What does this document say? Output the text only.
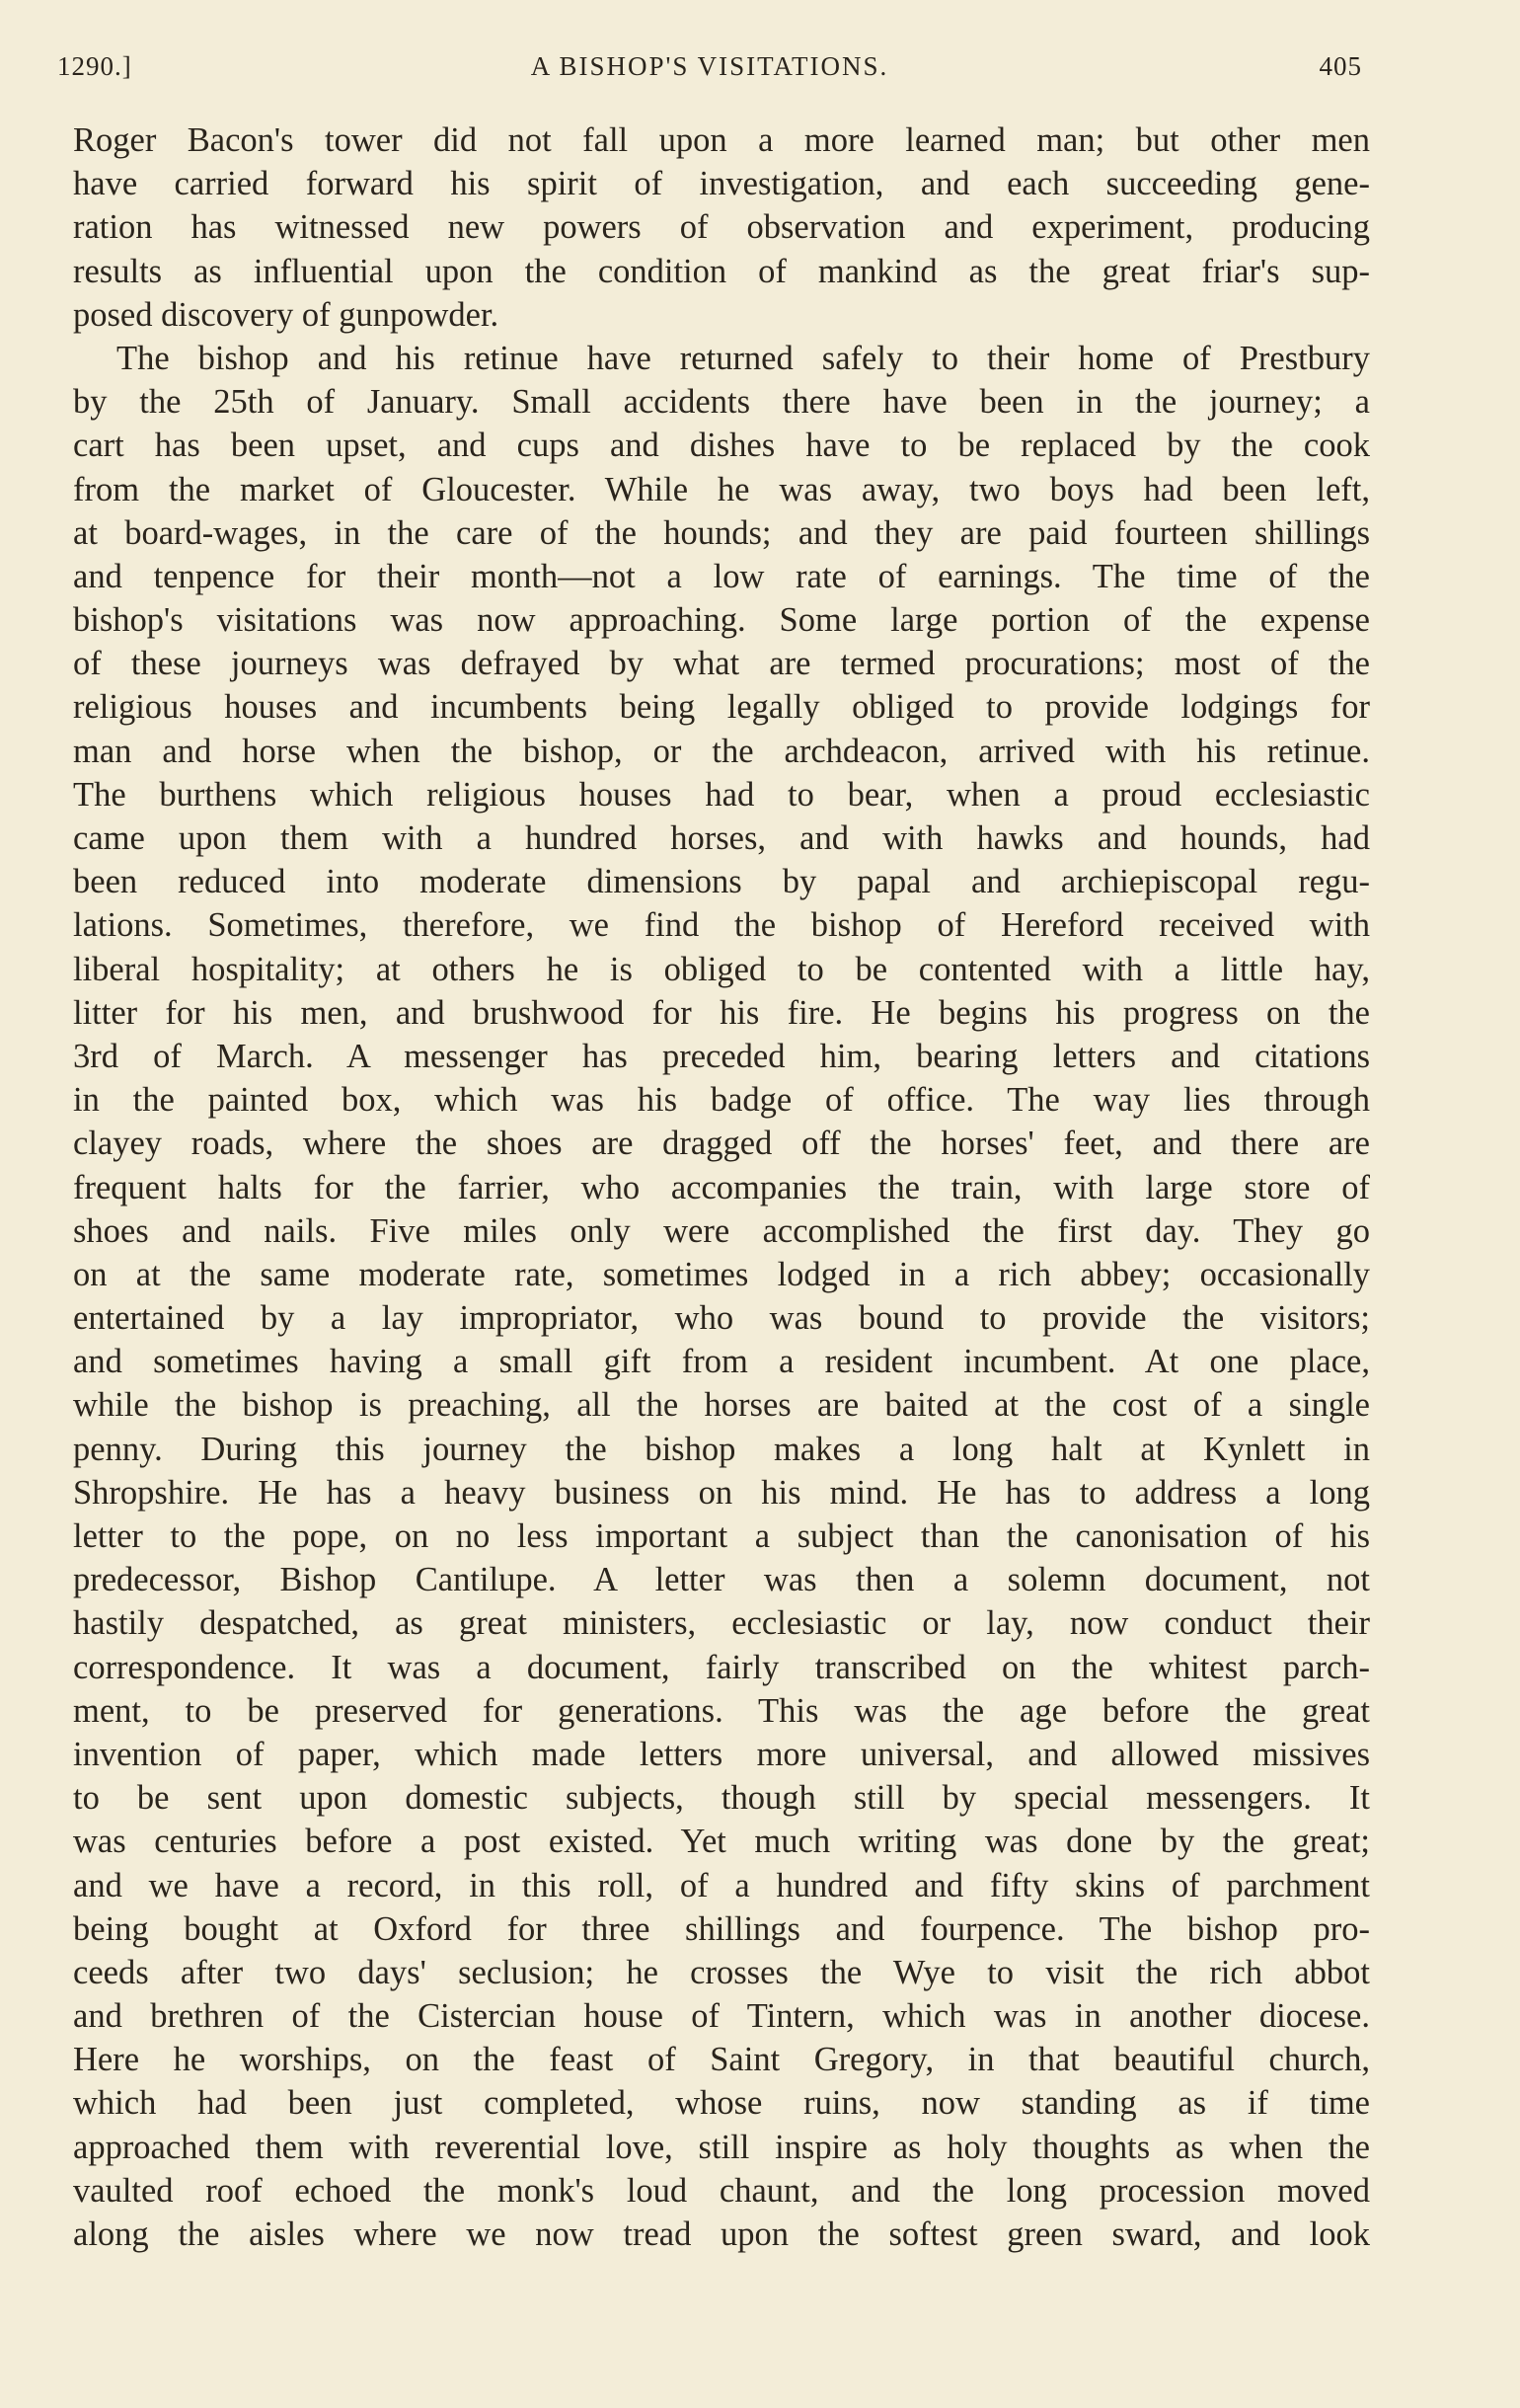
1290.]	A BISHOP'S VISITATIONS.	405
Roger Bacon's tower did not fall upon a more learned man; but other men
have carried forward his spirit of investigation, and each succeeding gene-
ration has witnessed new powers of observation and experiment, producing
results as influential upon the condition of mankind as the great friar's sup-
posed discovery of gunpowder.
The bishop and his retinue have returned safely to their home of Prestbury
by the 25th of January. Small accidents there have been in the journey; a
cart has been upset, and cups and dishes have to be replaced by the cook
from the market of Gloucester. While he was away, two boys had been left,
at board-wages, in the care of the hounds; and they are paid fourteen shillings
and tenpence for their month—not a low rate of earnings. The time of the
bishop's visitations was now approaching. Some large portion of the expense
of these journeys was defrayed by what are termed procurations; most of the
religious houses and incumbents being legally obliged to provide lodgings for
man and horse when the bishop, or the archdeacon, arrived with his retinue.
The burthens which religious houses had to bear, when a proud ecclesiastic
came upon them with a hundred horses, and with hawks and hounds, had
been reduced into moderate dimensions by papal and archiepiscopal regu-
lations. Sometimes, therefore, we find the bishop of Hereford received with
liberal hospitality; at others he is obliged to be contented with a little hay,
litter for his men, and brushwood for his fire. He begins his progress on the
3rd of March. A messenger has preceded him, bearing letters and citations
in the painted box, which was his badge of office. The way lies through
clayey roads, where the shoes are dragged off the horses' feet, and there are
frequent halts for the farrier, who accompanies the train, with large store of
shoes and nails. Five miles only were accomplished the first day. They go
on at the same moderate rate, sometimes lodged in a rich abbey; occasionally
entertained by a lay impropriator, who was bound to provide the visitors;
and sometimes having a small gift from a resident incumbent. At one place,
while the bishop is preaching, all the horses are baited at the cost of a single
penny. During this journey the bishop makes a long halt at Kynlett in
Shropshire. He has a heavy business on his mind. He has to address a long
letter to the pope, on no less important a subject than the canonisation of his
predecessor, Bishop Cantilupe. A letter was then a solemn document, not
hastily despatched, as great ministers, ecclesiastic or lay, now conduct their
correspondence. It was a document, fairly transcribed on the whitest parch-
ment, to be preserved for generations. This was the age before the great
invention of paper, which made letters more universal, and allowed missives
to be sent upon domestic subjects, though still by special messengers. It
was centuries before a post existed. Yet much writing was done by the great;
and we have a record, in this roll, of a hundred and fifty skins of parchment
being bought at Oxford for three shillings and fourpence. The bishop pro-
ceeds after two days' seclusion; he crosses the Wye to visit the rich abbot
and brethren of the Cistercian house of Tintern, which was in another diocese.
Here he worships, on the feast of Saint Gregory, in that beautiful church,
which had been just completed, whose ruins, now standing as if time
approached them with reverential love, still inspire as holy thoughts as when the
vaulted roof echoed the monk's loud chaunt, and the long procession moved
along the aisles where we now tread upon the softest green sward, and look
